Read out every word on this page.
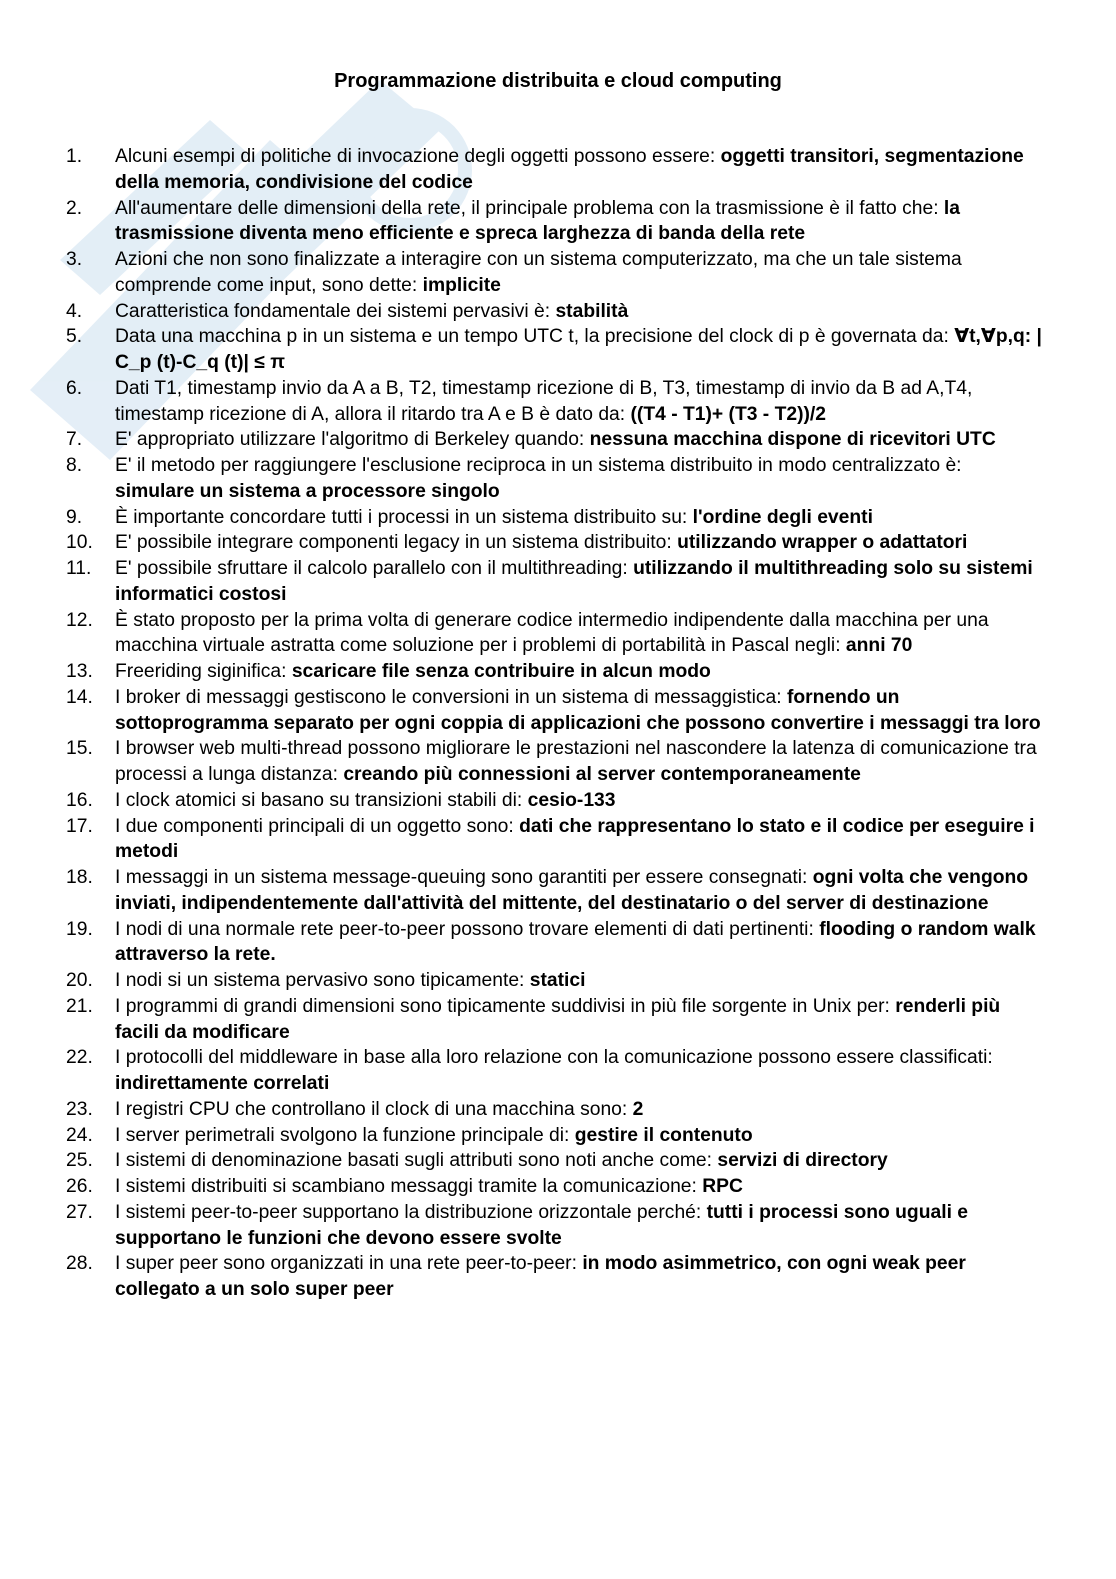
Programmazione distribuita e cloud computing
1.	Alcuni esempi di politiche di invocazione degli oggetti possono essere: oggetti transitori, segmentazione della memoria, condivisione del codice
2.	All'aumentare delle dimensioni della rete, il principale problema con la trasmissione è il fatto che: la trasmissione diventa meno efficiente e spreca larghezza di banda della rete
3.	Azioni che non sono finalizzate a interagire con un sistema computerizzato, ma che un tale sistema comprende come input, sono dette: implicite
4.	Caratteristica fondamentale dei sistemi pervasivi è: stabilità
5.	Data una macchina p in un sistema e un tempo UTC t, la precisione del clock di p è governata da: ∀t,∀p,q: | C_p (t)-C_q (t)| ≤ π
6.	Dati T1, timestamp invio da A a B, T2, timestamp ricezione di B, T3, timestamp di invio da B ad A,T4, timestamp ricezione di A, allora il ritardo tra A e B è dato da: ((T4 - T1)+ (T3 - T2))/2
7.	E' appropriato utilizzare l'algoritmo di Berkeley quando: nessuna macchina dispone di ricevitori UTC
8.	E' il metodo per raggiungere l'esclusione reciproca in un sistema distribuito in modo centralizzato è: simulare un sistema a processore singolo
9.	È importante concordare tutti i processi in un sistema distribuito su: l'ordine degli eventi
10.	E' possibile integrare componenti legacy in un sistema distribuito: utilizzando wrapper o adattatori
11.	E' possibile sfruttare il calcolo parallelo con il multithreading: utilizzando il multithreading solo su sistemi informatici costosi
12.	È stato proposto per la prima volta di generare codice intermedio indipendente dalla macchina per una macchina virtuale astratta come soluzione per i problemi di portabilità in Pascal negli: anni 70
13.	Freeriding siginifica: scaricare file senza contribuire in alcun modo
14.	I broker di messaggi gestiscono le conversioni in un sistema di messaggistica: fornendo un sottoprogramma separato per ogni coppia di applicazioni che possono convertire i messaggi tra loro
15.	I browser web multi-thread possono migliorare le prestazioni nel nascondere la latenza di comunicazione tra processi a lunga distanza: creando più connessioni al server contemporaneamente
16.	I clock atomici si basano su transizioni stabili di: cesio-133
17.	I due componenti principali di un oggetto sono: dati che rappresentano lo stato e il codice per eseguire i metodi
18.	I messaggi in un sistema message-queuing sono garantiti per essere consegnati: ogni volta che vengono inviati, indipendentemente dall'attività del mittente, del destinatario o del server di destinazione
19.	I nodi di una normale rete peer-to-peer possono trovare elementi di dati pertinenti: flooding o random walk attraverso la rete.
20.	I nodi si un sistema pervasivo sono tipicamente: statici
21.	I programmi di grandi dimensioni sono tipicamente suddivisi in più file sorgente in Unix per: renderli più facili da modificare
22.	I protocolli del middleware in base alla loro relazione con la comunicazione possono essere classificati: indirettamente correlati
23.	I registri CPU che controllano il clock di una macchina sono: 2
24.	I server perimetrali svolgono la funzione principale di: gestire il contenuto
25.	I sistemi di denominazione basati sugli attributi sono noti anche come: servizi di directory
26.	I sistemi distribuiti si scambiano messaggi tramite la comunicazione: RPC
27.	I sistemi peer-to-peer supportano la distribuzione orizzontale perché: tutti i processi sono uguali e supportano le funzioni che devono essere svolte
28.	I super peer sono organizzati in una rete peer-to-peer: in modo asimmetrico, con ogni weak peer collegato a un solo super peer
